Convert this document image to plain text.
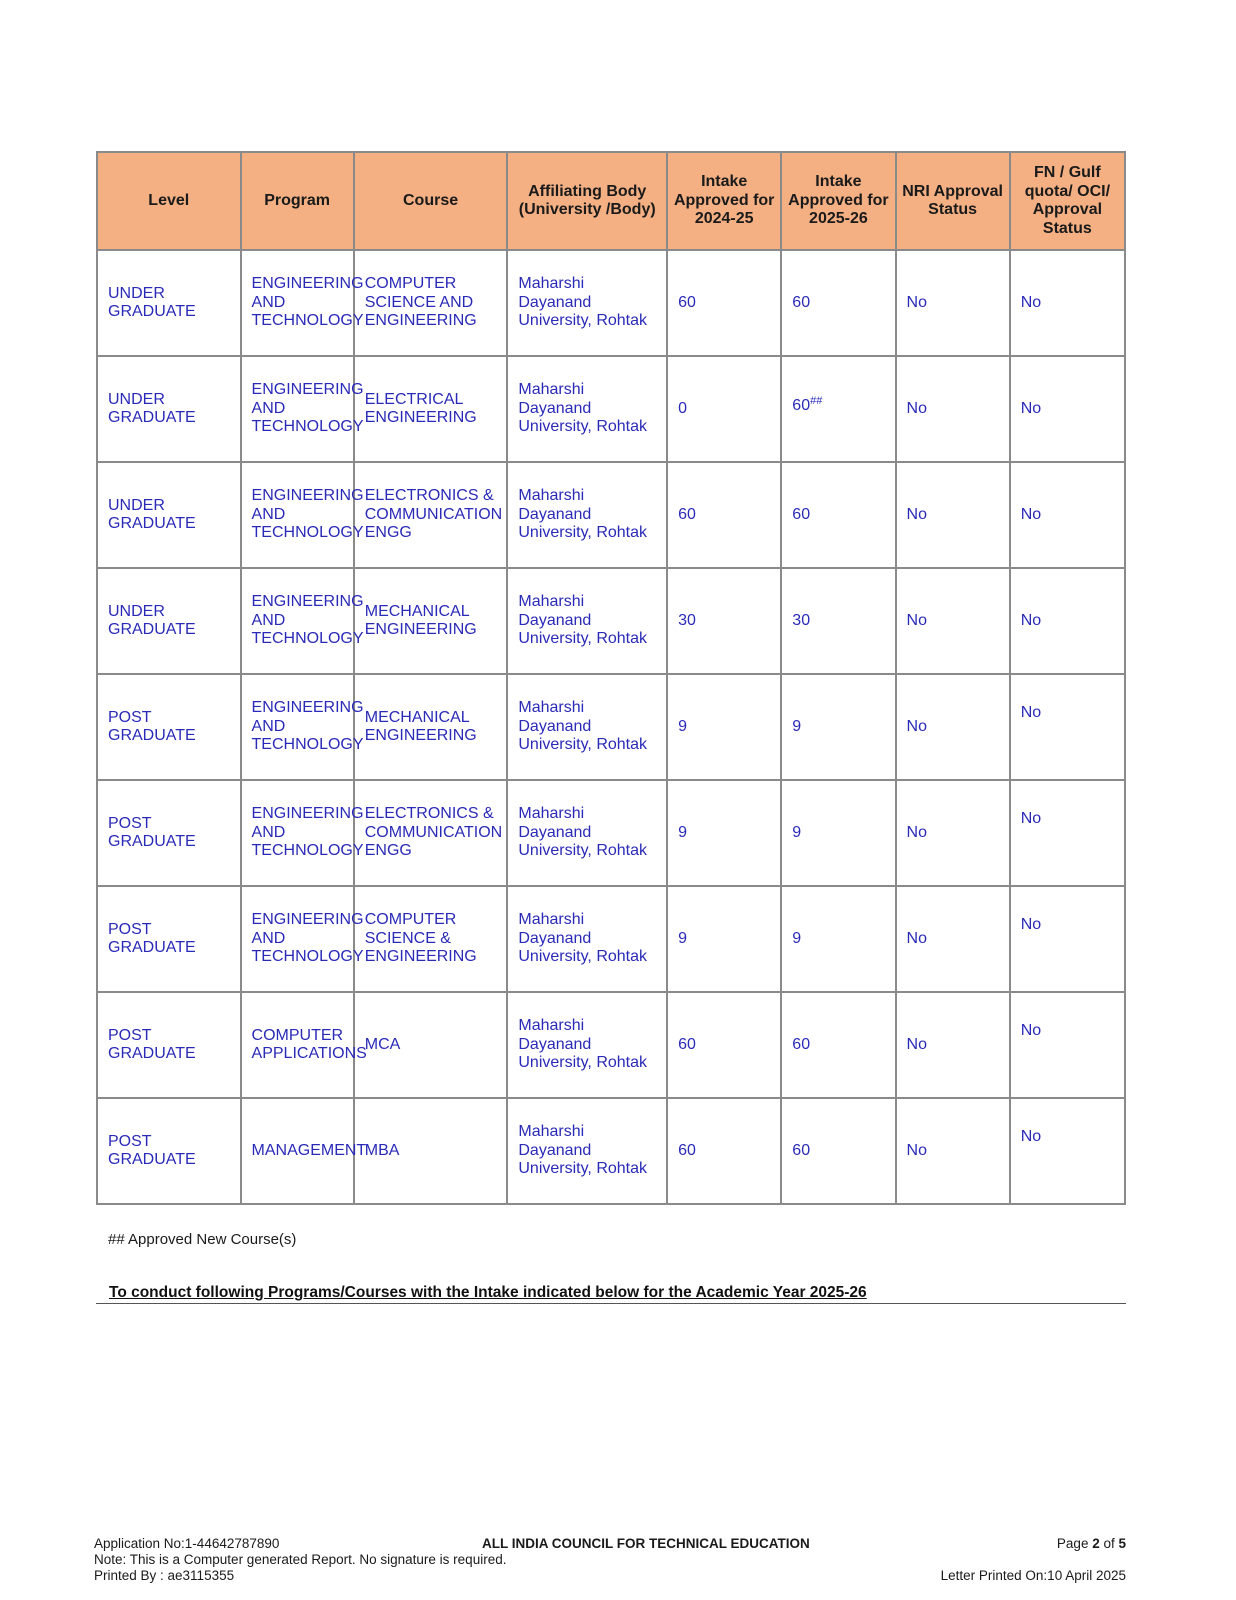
Level	Program	Course	Affiliating Body (University /Body)	Intake Approved for 2024-25	Intake Approved for 2025-26	NRI Approval Status	FN / Gulf quota/ OCI/ Approval Status
UNDER GRADUATE	ENGINEERING AND TECHNOLOGY	COMPUTER SCIENCE AND ENGINEERING	Maharshi Dayanand University, Rohtak	60	60	No	No
UNDER GRADUATE	ENGINEERING AND TECHNOLOGY	ELECTRICAL ENGINEERING	Maharshi Dayanand University, Rohtak	0	60##	No	No
UNDER GRADUATE	ENGINEERING AND TECHNOLOGY	ELECTRONICS & COMMUNICATION ENGG	Maharshi Dayanand University, Rohtak	60	60	No	No
UNDER GRADUATE	ENGINEERING AND TECHNOLOGY	MECHANICAL ENGINEERING	Maharshi Dayanand University, Rohtak	30	30	No	No
POST GRADUATE	ENGINEERING AND TECHNOLOGY	MECHANICAL ENGINEERING	Maharshi Dayanand University, Rohtak	9	9	No	No
POST GRADUATE	ENGINEERING AND TECHNOLOGY	ELECTRONICS & COMMUNICATION ENGG	Maharshi Dayanand University, Rohtak	9	9	No	No
POST GRADUATE	ENGINEERING AND TECHNOLOGY	COMPUTER SCIENCE & ENGINEERING	Maharshi Dayanand University, Rohtak	9	9	No	No
POST GRADUATE	COMPUTER APPLICATIONS	MCA	Maharshi Dayanand University, Rohtak	60	60	No	No
POST GRADUATE	MANAGEMENT	MBA	Maharshi Dayanand University, Rohtak	60	60	No	No
## Approved New Course(s)
To conduct following Programs/Courses with the Intake indicated below for the Academic Year 2025-26
Application No:1-44642787890
Note: This is a Computer generated Report. No signature is required.
Printed By : ae3115355
ALL INDIA COUNCIL FOR TECHNICAL EDUCATION	Page 2 of 5
Letter Printed On:10 April 2025
